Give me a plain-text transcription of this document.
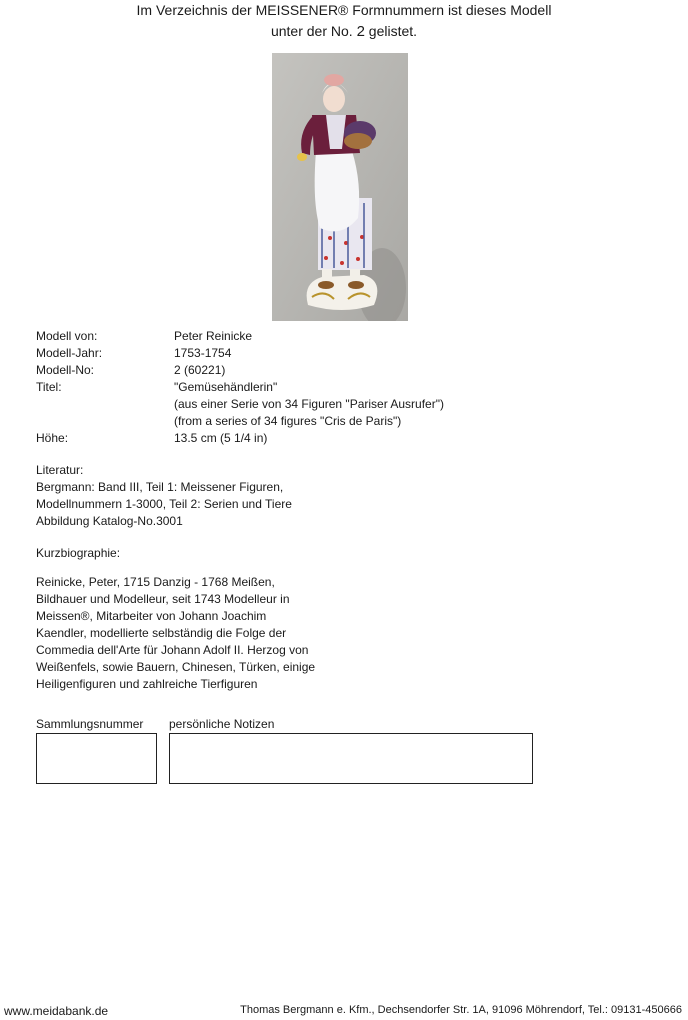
Im Verzeichnis der MEISSENER® Formnummern ist dieses Modell
unter der No. 2 gelistet.
Modell von:	Peter Reinicke
Modell-Jahr:	1753-1754
Modell-No:	2 (60221)
Titel:	"Gemüsehändlerin"
(aus einer Serie von 34 Figuren "Pariser Ausrufer")
(from a series of 34 figures "Cris de Paris")
Höhe:	13.5 cm (5 1/4 in)
Literatur:
Bergmann: Band III, Teil 1: Meissener Figuren,
Modellnummern 1-3000, Teil 2: Serien und Tiere
Abbildung Katalog-No.3001
Kurzbiographie:
Reinicke, Peter, 1715 Danzig - 1768 Meißen,
Bildhauer und Modelleur, seit 1743 Modelleur in
Meissen®, Mitarbeiter von Johann Joachim
Kaendler, modellierte selbständig die Folge der
Commedia dell'Arte für Johann Adolf II. Herzog von
Weißenfels, sowie Bauern, Chinesen, Türken, einige
Heiligenfiguren und zahlreiche Tierfiguren
Sammlungsnummer persönliche Notizen
www.meidabank.de	Thomas Bergmann e. Kfm., Dechsendorfer Str. 1A, 91096 Möhrendorf, Tel.: 09131-450666
